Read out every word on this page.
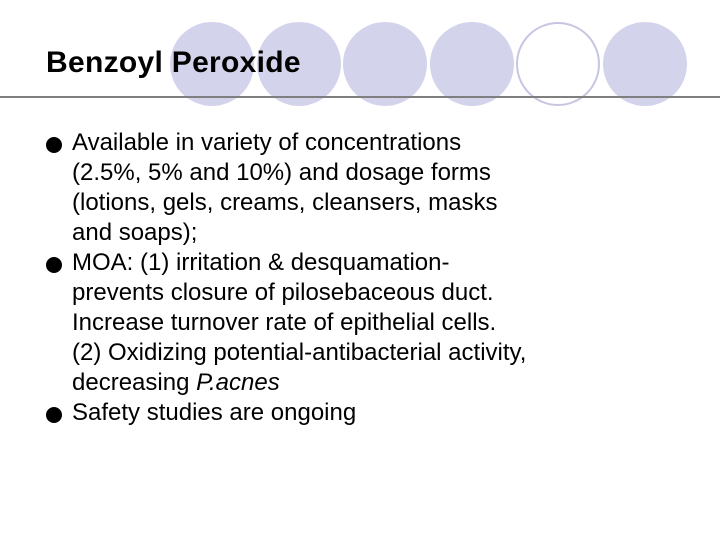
Benzoyl Peroxide
Available in variety of concentrations
(2.5%, 5% and 10%) and dosage forms
(lotions, gels, creams, cleansers, masks
and soaps);
MOA: (1) irritation & desquamation-
prevents closure of pilosebaceous duct.
Increase turnover rate of epithelial cells.
(2) Oxidizing potential-antibacterial activity,
decreasing P.acnes
Safety studies are ongoing
